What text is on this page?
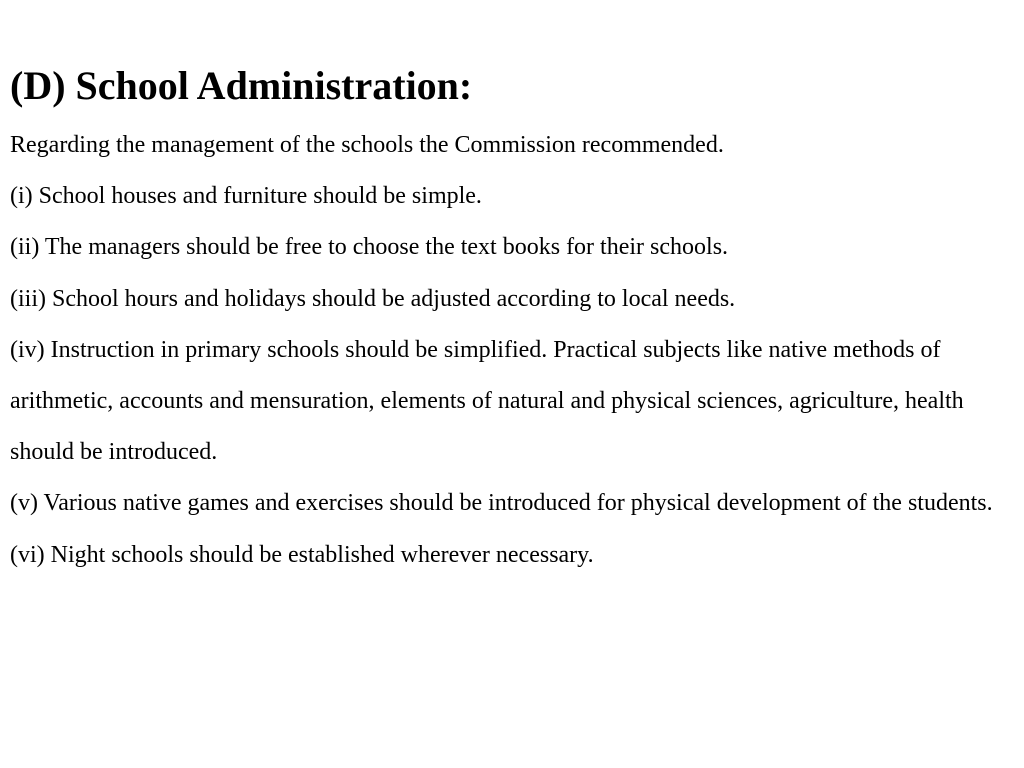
(D) School Administration:

Regarding the management of the schools the Commission recommended.

(i) School houses and furniture should be simple.

(ii) The managers should be free to choose the text books for their schools.

(iii) School hours and holidays should be adjusted according to local needs.

(iv) Instruction in primary schools should be simplified. Practical subjects like native methods of arithmetic, accounts and mensuration, elements of natural and physical sciences, agriculture, health should be introduced.

(v) Various native games and exercises should be introduced for physical development of the students.

(vi) Night schools should be established wherever necessary.
